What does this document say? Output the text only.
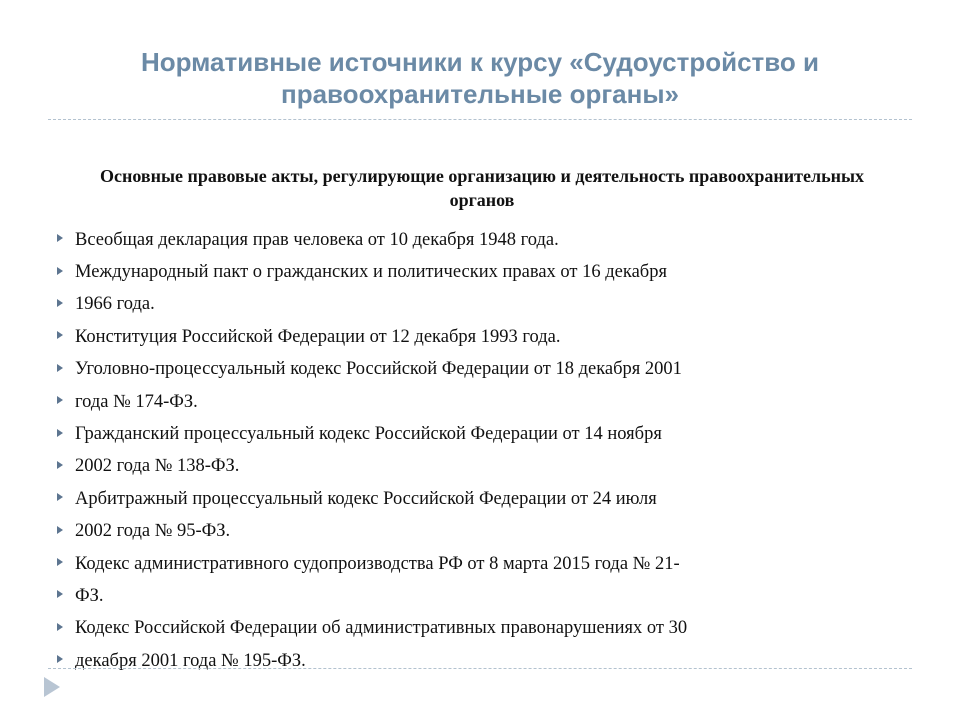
Нормативные источники к курсу «Судоустройство и правоохранительные органы»
Основные правовые акты, регулирующие организацию и деятельность правоохранительных органов
Всеобщая декларация прав человека от 10 декабря 1948 года.
Международный пакт о гражданских и политических правах от 16 декабря
1966 года.
Конституция Российской Федерации от 12 декабря 1993 года.
Уголовно-процессуальный кодекс Российской Федерации от 18 декабря 2001
года № 174-ФЗ.
Гражданский процессуальный кодекс Российской Федерации от 14 ноября
2002 года № 138-ФЗ.
Арбитражный процессуальный кодекс Российской Федерации от 24 июля
2002 года № 95-ФЗ.
Кодекс административного судопроизводства РФ от 8 марта 2015 года № 21-
ФЗ.
Кодекс Российской Федерации об административных правонарушениях от 30
декабря 2001 года № 195-ФЗ.
